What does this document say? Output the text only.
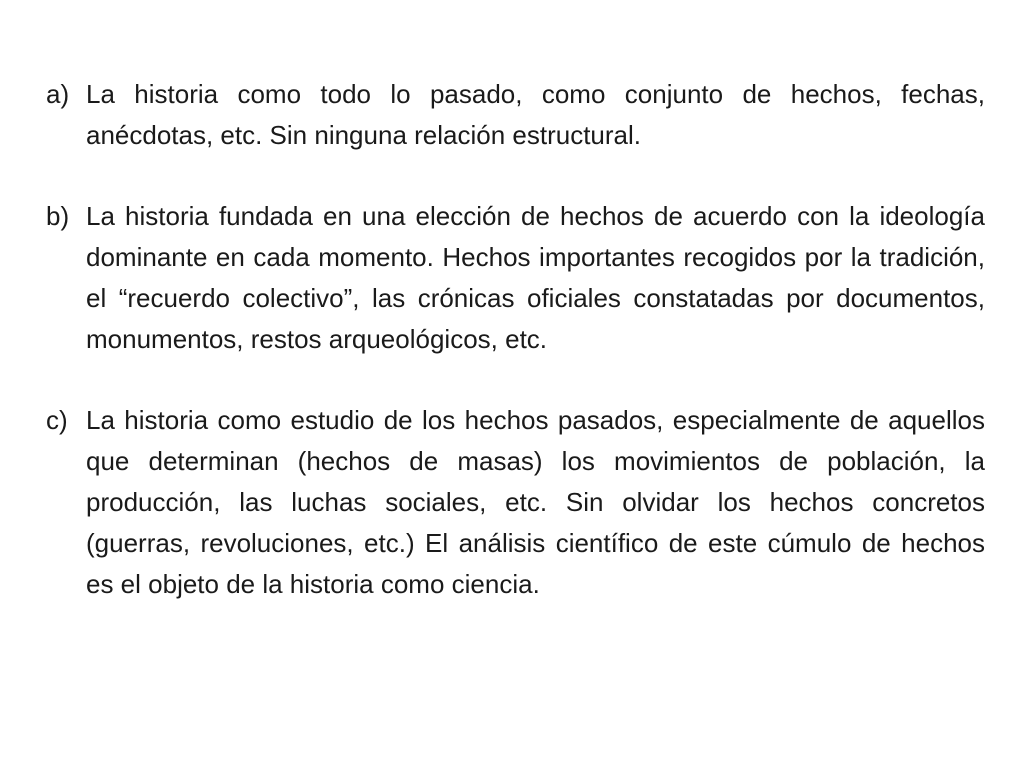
a) La historia como todo lo pasado, como conjunto de hechos, fechas, anécdotas, etc. Sin ninguna relación estructural.
b) La historia fundada en una elección de hechos de acuerdo con la ideología dominante en cada momento. Hechos importantes recogidos por la tradición, el “recuerdo colectivo”, las crónicas oficiales constatadas por documentos, monumentos, restos arqueológicos, etc.
c) La historia como estudio de los hechos pasados, especialmente de aquellos que determinan (hechos de masas) los movimientos de población, la producción, las luchas sociales, etc. Sin olvidar los hechos concretos (guerras, revoluciones, etc.) El análisis científico de este cúmulo de hechos es el objeto de la historia como ciencia.
